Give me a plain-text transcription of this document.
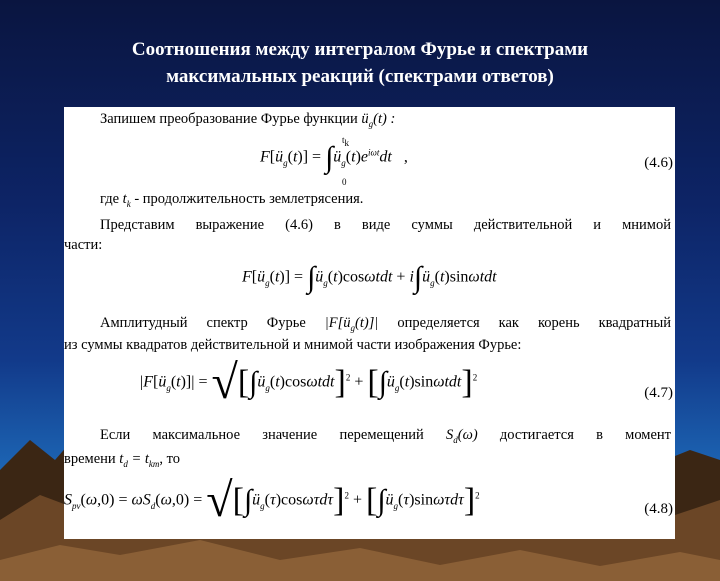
Соотношения между интегралом Фурье и спектрами
максимальных реакций (спектрами ответов)
Запишем преобразование Фурье функции $ü_g(t)$ :
$F[ü_g(t)]$ = $\int ü_g(t)e^{i\omega t}dt$   ,
$t_k$
0
(4.6)
где $t_k$ - продолжительность землетрясения.
Представим выражение (4.6) в виде суммы действительной и мнимой
части:
$F[ü_g(t)]$ = $\int ü_g(t)\cos\omega tdt$ + $i\int ü_g(t)\sin\omega tdt$
Амплитудный спектр Фурье $|F[ü_g(t)]|$ определяется как корень квадратный
из суммы квадратов действительной и мнимой части изображения Фурье:
$|F[ü_g(t)]|$ = $√[\int ü_g(t)\cos\omega tdt]^2$ + $[\int ü_g(t)\sin\omega tdt]^2$
(4.7)
Если максимальное значение перемещений $S_d(\omega)$ достигается в момент
времени $t_d = t_{km}$, то
$S_{pv}(\omega,0) = \omega S_d(\omega,0)$ = $√[\int ü_g(\tau)\cos\omega\tau d\tau]^2$ + $[\int ü_g(\tau)\sin\omega\tau d\tau]^2$
(4.8)
